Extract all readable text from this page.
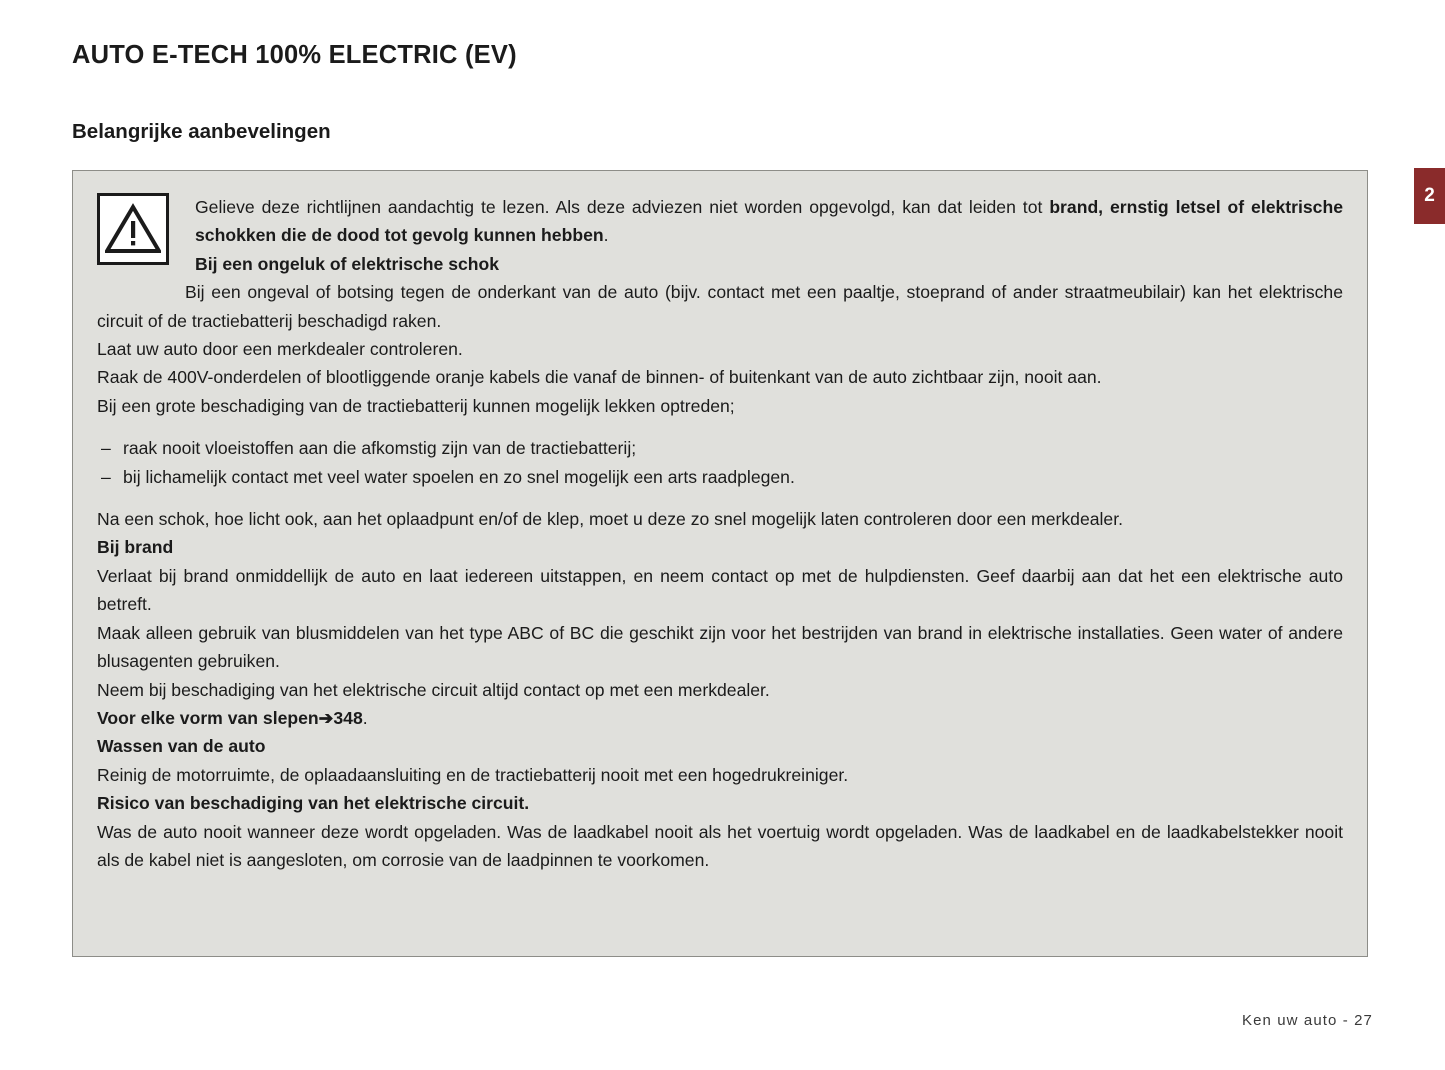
AUTO E-TECH 100% ELECTRIC (EV)
Belangrijke aanbevelingen
2

Gelieve deze richtlijnen aandachtig te lezen. Als deze adviezen niet worden opgevolgd, kan dat leiden tot brand, ernstig letsel of elektrische schokken die de dood tot gevolg kunnen hebben.

Bij een ongeluk of elektrische schok

Bij een ongeval of botsing tegen de onderkant van de auto (bijv. contact met een paaltje, stoeprand of ander straatmeubilair) kan het elektrische circuit of de tractiebatterij beschadigd raken.

Laat uw auto door een merkdealer controleren.

Raak de 400V-onderdelen of blootliggende oranje kabels die vanaf de binnen- of buitenkant van de auto zichtbaar zijn, nooit aan.

Bij een grote beschadiging van de tractiebatterij kunnen mogelijk lekken optreden;

– raak nooit vloeistoffen aan die afkomstig zijn van de tractiebatterij;
– bij lichamelijk contact met veel water spoelen en zo snel mogelijk een arts raadplegen.

Na een schok, hoe licht ook, aan het oplaadpunt en/of de klep, moet u deze zo snel mogelijk laten controleren door een merkdealer.

Bij brand

Verlaat bij brand onmiddellijk de auto en laat iedereen uitstappen, en neem contact op met de hulpdiensten. Geef daarbij aan dat het een elektrische auto betreft.

Maak alleen gebruik van blusmiddelen van het type ABC of BC die geschikt zijn voor het bestrijden van brand in elektrische installaties. Geen water of andere blusagenten gebruiken.

Neem bij beschadiging van het elektrische circuit altijd contact op met een merkdealer.

Voor elke vorm van slepen➔348.

Wassen van de auto

Reinig de motorruimte, de oplaadaansluiting en de tractiebatterij nooit met een hogedrukreiniger.

Risico van beschadiging van het elektrische circuit.

Was de auto nooit wanneer deze wordt opgeladen. Was de laadkabel nooit als het voertuig wordt opgeladen. Was de laadkabel en de laadkabelstekker nooit als de kabel niet is aangesloten, om corrosie van de laadpinnen te voorkomen.

Ken uw auto - 27
